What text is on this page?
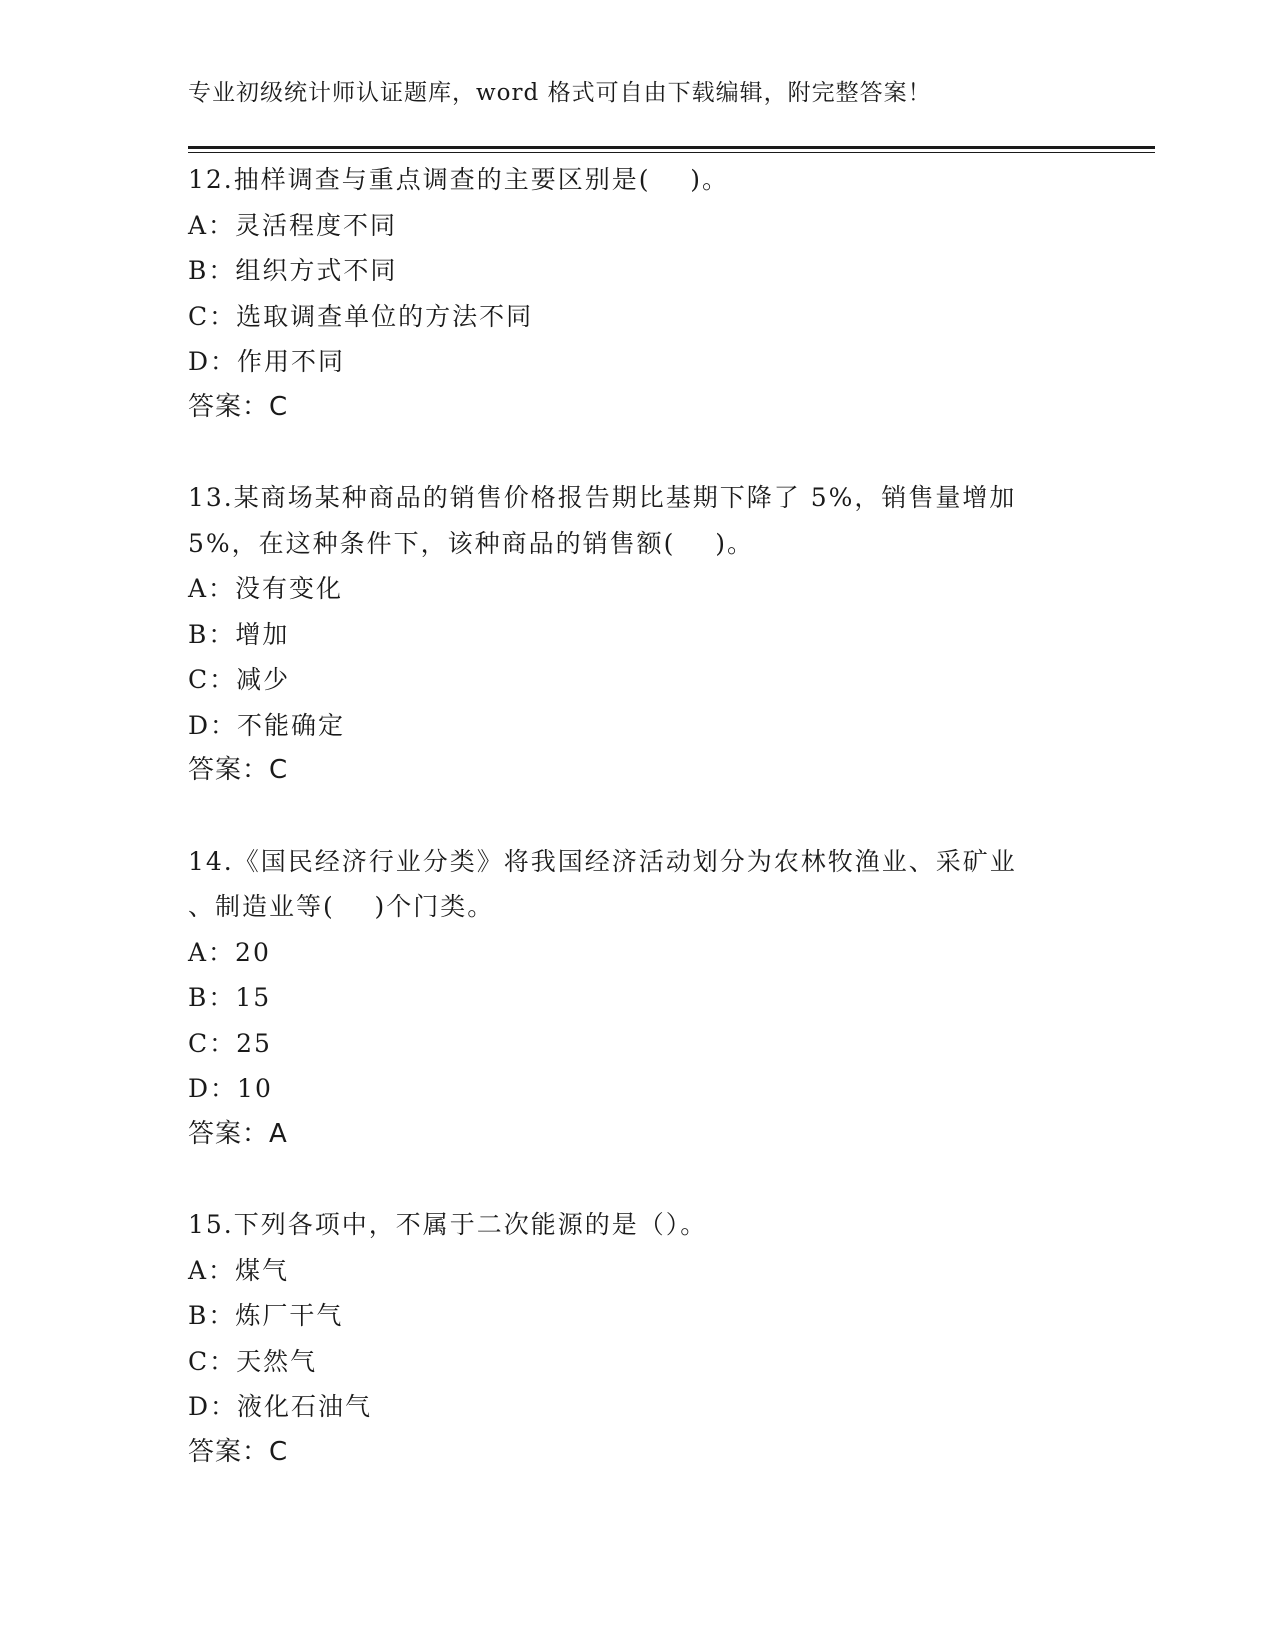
专业初级统计师认证题库，word 格式可自由下载编辑，附完整答案！
12.抽样调查与重点调查的主要区别是(    )。
A：灵活程度不同
B：组织方式不同
C：选取调查单位的方法不同
D：作用不同
答案：C
13.某商场某种商品的销售价格报告期比基期下降了 5%，销售量增加
5%，在这种条件下，该种商品的销售额(    )。
A：没有变化
B：增加
C：减少
D：不能确定
答案：C
14.《国民经济行业分类》将我国经济活动划分为农林牧渔业、采矿业
、制造业等(    )个门类。
A：20
B：15
C：25
D：10
答案：A
15.下列各项中，不属于二次能源的是（）。
A：煤气
B：炼厂干气
C：天然气
D：液化石油气
答案：C
